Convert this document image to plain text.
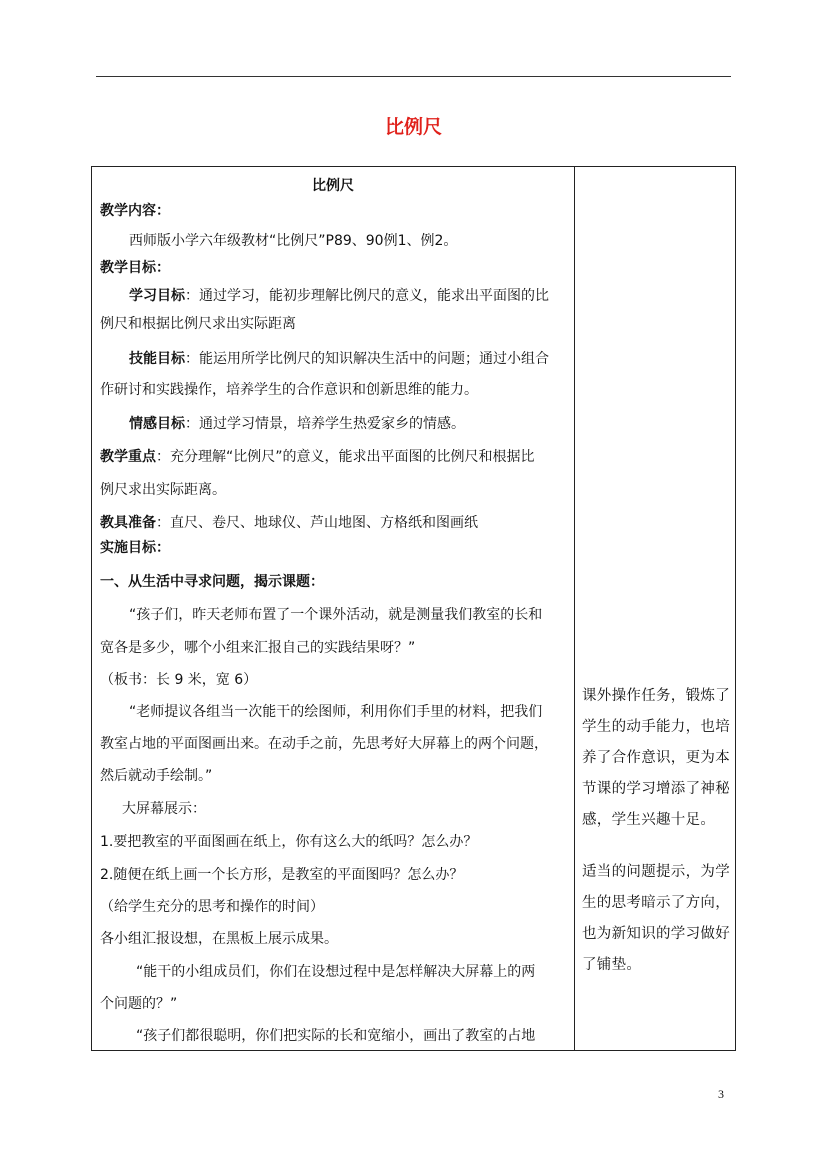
比例尺
比例尺
教学内容：
西师版小学六年级教材“比例尺”P89、90例1、例2。
教学目标：
学习目标：通过学习，能初步理解比例尺的意义，能求出平面图的比
例尺和根据比例尺求出实际距离
技能目标：能运用所学比例尺的知识解决生活中的问题；通过小组合
作研讨和实践操作，培养学生的合作意识和创新思维的能力。
情感目标：通过学习情景，培养学生热爱家乡的情感。
教学重点：充分理解“比例尺”的意义，能求出平面图的比例尺和根据比
例尺求出实际距离。
教具准备：直尺、卷尺、地球仪、芦山地图、方格纸和图画纸
实施目标：
一、从生活中寻求问题，揭示课题：
“孩子们，昨天老师布置了一个课外活动，就是测量我们教室的长和
宽各是多少，哪个小组来汇报自己的实践结果呀？”
（板书：长 9 米，宽 6）
“老师提议各组当一次能干的绘图师，利用你们手里的材料，把我们
教室占地的平面图画出来。在动手之前，先思考好大屏幕上的两个问题，
然后就动手绘制。”
大屏幕展示：
1.要把教室的平面图画在纸上，你有这么大的纸吗？怎么办？
2.随便在纸上画一个长方形，是教室的平面图吗？怎么办？
（给学生充分的思考和操作的时间）
各小组汇报设想，在黑板上展示成果。
“能干的小组成员们，你们在设想过程中是怎样解决大屏幕上的两
个问题的？”
“孩子们都很聪明，你们把实际的长和宽缩小，画出了教室的占地
课外操作任务，锻炼了
学生的动手能力，也培
养了合作意识，更为本
节课的学习增添了神秘
感，学生兴趣十足。
适当的问题提示，为学
生的思考暗示了方向，
也为新知识的学习做好
了铺垫。
3
